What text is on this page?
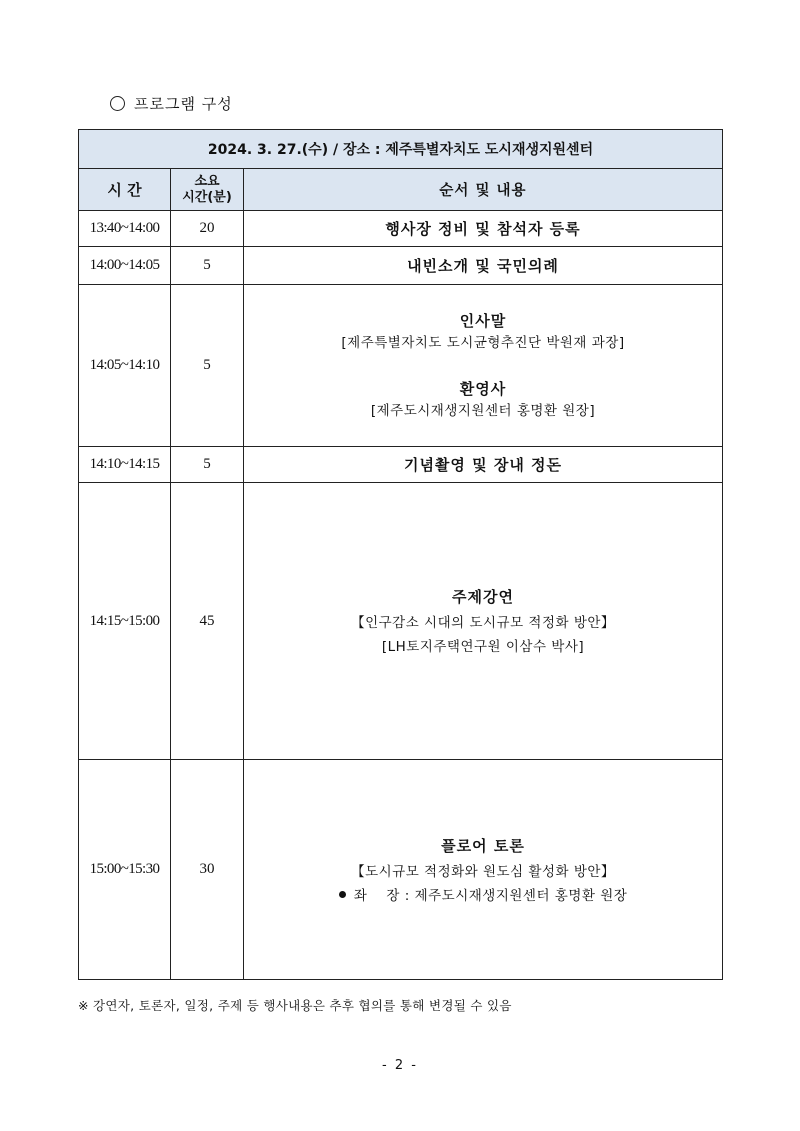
프로그램 구성
2024. 3. 27.(수) / 장소 : 제주특별자치도 도시재생지원센터		
시 간	소요
시간(분)	순서 및 내용
13:40~14:00	20	행사장 정비 및 참석자 등록
14:00~14:05	5	내빈소개 및 국민의례
14:05~14:10	5	인사말
[제주특별자치도 도시균형추진단 박원재 과장]
환영사
[제주도시재생지원센터 홍명환 원장]

14:10~14:15	5	기념촬영 및 장내 정돈
14:15~15:00	45	주제강연
【인구감소 시대의 도시규모 적정화 방안】
[LH토지주택연구원 이삼수 박사]

15:00~15:30	30	플로어 토론
【도시규모 적정화와 원도심 활성화 방안】
좌    장 : 제주도시재생지원센터 홍명환 원장
※ 강연자, 토론자, 일정, 주제 등 행사내용은 추후 협의를 통해 변경될 수 있음
- 2 -
